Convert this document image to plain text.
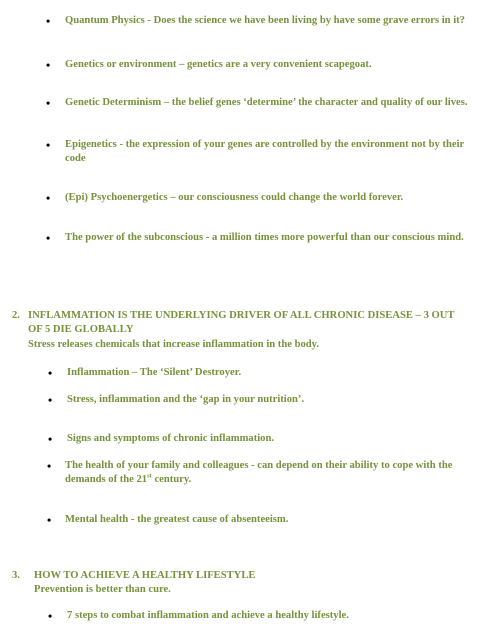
• Quantum Physics - Does the science we have been living by have some grave errors in it?
• Genetics or environment – genetics are a very convenient scapegoat.
• Genetic Determinism – the belief genes ‘determine’ the character and quality of our lives.
• Epigenetics - the expression of your genes are controlled by the environment not by their code
• (Epi) Psychoenergetics – our consciousness could change the world forever.
• The power of the subconscious - a million times more powerful than our conscious mind.
2. INFLAMMATION IS THE UNDERLYING DRIVER OF ALL CHRONIC DISEASE – 3 OUT OF 5 DIE GLOBALLY
Stress releases chemicals that increase inflammation in the body.
• Inflammation – The ‘Silent’ Destroyer.
• Stress, inflammation and the ‘gap in your nutrition’.
• Signs and symptoms of chronic inflammation.
• The health of your family and colleagues - can depend on their ability to cope with the demands of the 21st century.
• Mental health - the greatest cause of absenteeism.
3. HOW TO ACHIEVE A HEALTHY LIFESTYLE
Prevention is better than cure.
• 7 steps to combat inflammation and achieve a healthy lifestyle.
